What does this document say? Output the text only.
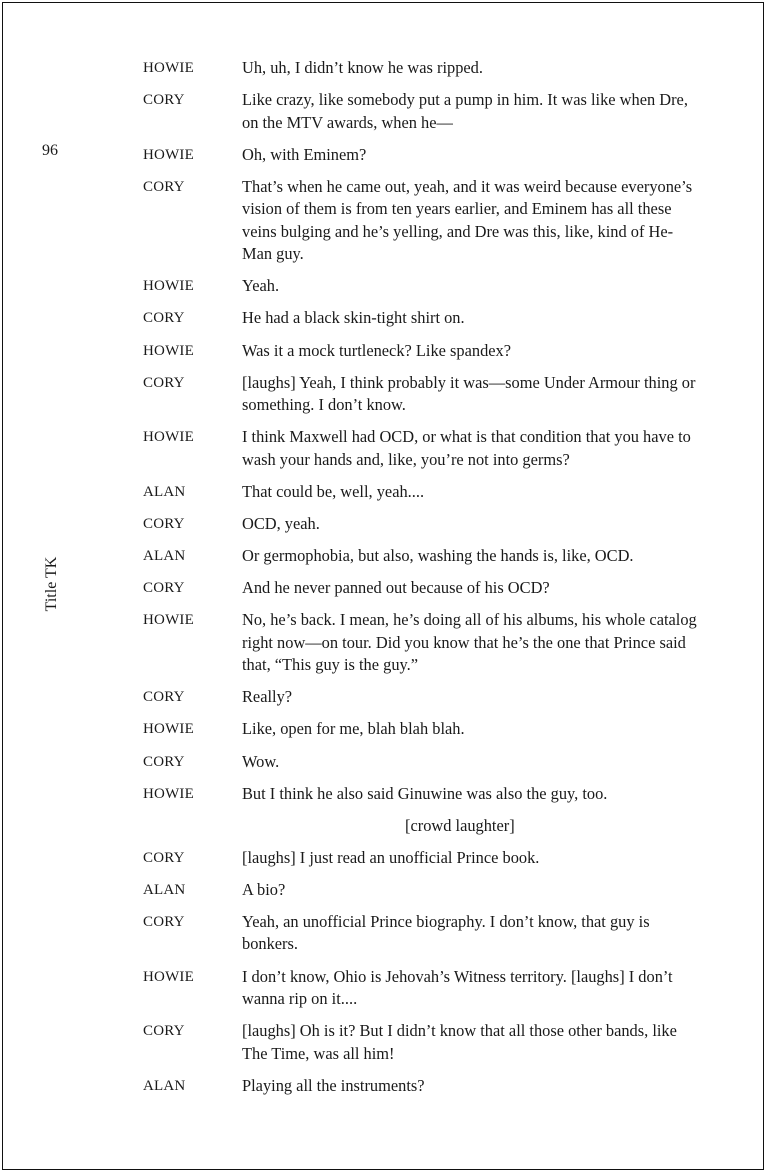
96
Title TK
HOWIE	Uh, uh, I didn’t know he was ripped.
CORY	Like crazy, like somebody put a pump in him. It was like when Dre, on the MTV awards, when he—
HOWIE	Oh, with Eminem?
CORY	That’s when he came out, yeah, and it was weird because everyone’s vision of them is from ten years earlier, and Eminem has all these veins bulging and he’s yelling, and Dre was this, like, kind of He-Man guy.
HOWIE	Yeah.
CORY	He had a black skin-tight shirt on.
HOWIE	Was it a mock turtleneck? Like spandex?
CORY	[laughs] Yeah, I think probably it was—some Under Armour thing or something. I don’t know.
HOWIE	I think Maxwell had OCD, or what is that condition that you have to wash your hands and, like, you’re not into germs?
ALAN	That could be, well, yeah....
CORY	OCD, yeah.
ALAN	Or germophobia, but also, washing the hands is, like, OCD.
CORY	And he never panned out because of his OCD?
HOWIE	No, he’s back. I mean, he’s doing all of his albums, his whole catalog right now—on tour. Did you know that he’s the one that Prince said that, “This guy is the guy.”
CORY	Really?
HOWIE	Like, open for me, blah blah blah.
CORY	Wow.
HOWIE	But I think he also said Ginuwine was also the guy, too.
[crowd laughter]
CORY	[laughs] I just read an unofficial Prince book.
ALAN	A bio?
CORY	Yeah, an unofficial Prince biography. I don’t know, that guy is bonkers.
HOWIE	I don’t know, Ohio is Jehovah’s Witness territory. [laughs] I don’t wanna rip on it....
CORY	[laughs] Oh is it? But I didn’t know that all those other bands, like The Time, was all him!
ALAN	Playing all the instruments?
